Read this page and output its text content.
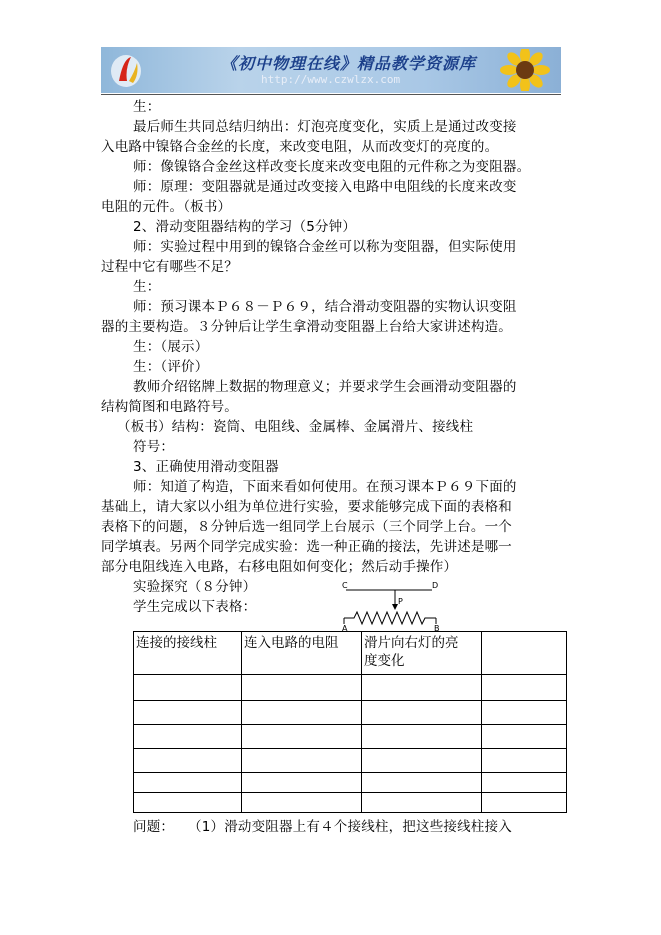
《初中物理在线》精品教学资源库
http://www.czwlzx.com
生：
最后师生共同总结归纳出：灯泡亮度变化，实质上是通过改变接
入电路中镍铬合金丝的长度，来改变电阻，从而改变灯的亮度的。
师：像镍铬合金丝这样改变长度来改变电阻的元件称之为变阻器。
师：原理：变阻器就是通过改变接入电路中电阻线的长度来改变
电阻的元件。（板书）
2、滑动变阻器结构的学习（5分钟）
师：实验过程中用到的镍铬合金丝可以称为变阻器，但实际使用
过程中它有哪些不足？
生：
师：预习课本Ｐ６８－Ｐ６９，结合滑动变阻器的实物认识变阻
器的主要构造。３分钟后让学生拿滑动变阻器上台给大家讲述构造。
生：（展示）
生：（评价）
教师介绍铭牌上数据的物理意义；并要求学生会画滑动变阻器的
结构简图和电路符号。
（板书）结构：瓷筒、电阻线、金属棒、金属滑片、接线柱
符号：
3、正确使用滑动变阻器
师：知道了构造，下面来看如何使用。在预习课本Ｐ６９下面的
基础上，请大家以小组为单位进行实验，要求能够完成下面的表格和
表格下的问题，８分钟后选一组同学上台展示（三个同学上台。一个
同学填表。另两个同学完成实验：选一种正确的接法，先讲述是哪一
部分电阻线连入电路，右移电阻如何变化；然后动手操作）
实验探究（８分钟）
学生完成以下表格：
C	D
P
A	B
连接的接线柱	连入电路的电阻	滑片向右灯的亮
度变化	

问题：　　（1）滑动变阻器上有４个接线柱，把这些接线柱接入
